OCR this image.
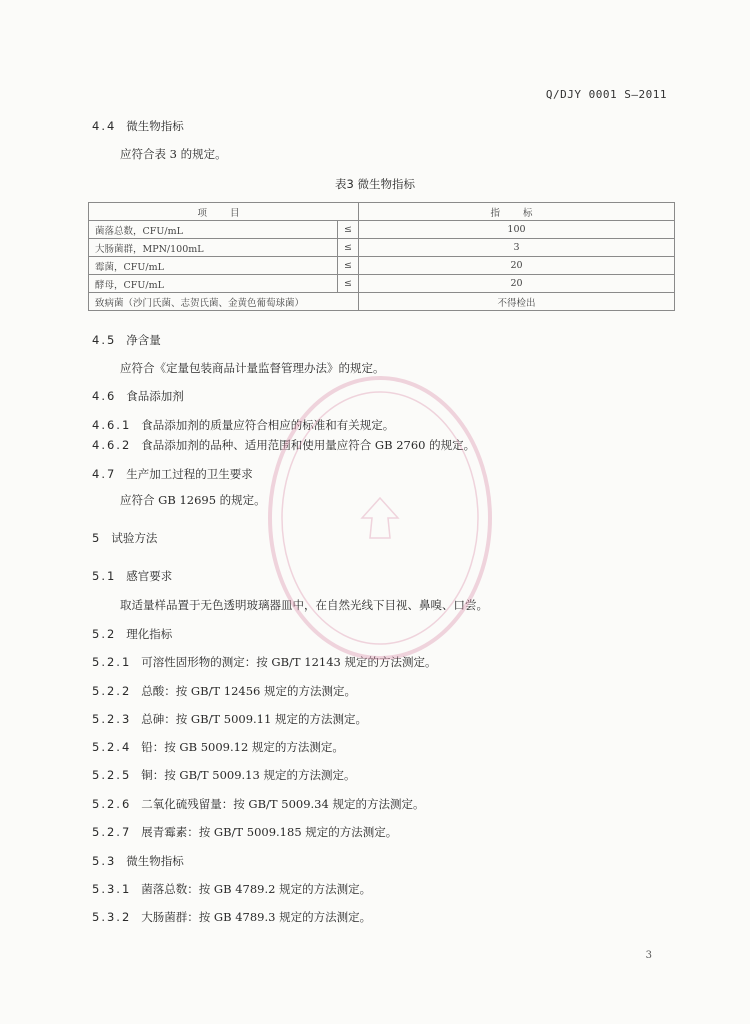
Q/DJY 0001 S—2011
4.4 微生物指标
应符合表 3 的规定。
表3 微生物指标
项 目		指 标
菌落总数，CFU/mL	≤	100
大肠菌群，MPN/100mL	≤	3
霉菌，CFU/mL	≤	20
酵母，CFU/mL	≤	20
致病菌（沙门氏菌、志贺氏菌、金黄色葡萄球菌）		不得检出
4.5 净含量
应符合《定量包装商品计量监督管理办法》的规定。
4.6 食品添加剂
4.6.1 食品添加剂的质量应符合相应的标准和有关规定。
4.6.2 食品添加剂的品种、适用范围和使用量应符合 GB 2760 的规定。
4.7 生产加工过程的卫生要求
应符合 GB 12695 的规定。
5 试验方法
5.1 感官要求
取适量样品置于无色透明玻璃器皿中，在自然光线下目视、鼻嗅、口尝。
5.2 理化指标
5.2.1 可溶性固形物的测定：按 GB/T 12143 规定的方法测定。
5.2.2 总酸：按 GB/T 12456 规定的方法测定。
5.2.3 总砷：按 GB/T 5009.11 规定的方法测定。
5.2.4 铅：按 GB 5009.12 规定的方法测定。
5.2.5 铜：按 GB/T 5009.13 规定的方法测定。
5.2.6 二氧化硫残留量：按 GB/T 5009.34 规定的方法测定。
5.2.7 展青霉素：按 GB/T 5009.185 规定的方法测定。
5.3 微生物指标
5.3.1 菌落总数：按 GB 4789.2 规定的方法测定。
5.3.2 大肠菌群：按 GB 4789.3 规定的方法测定。
3
